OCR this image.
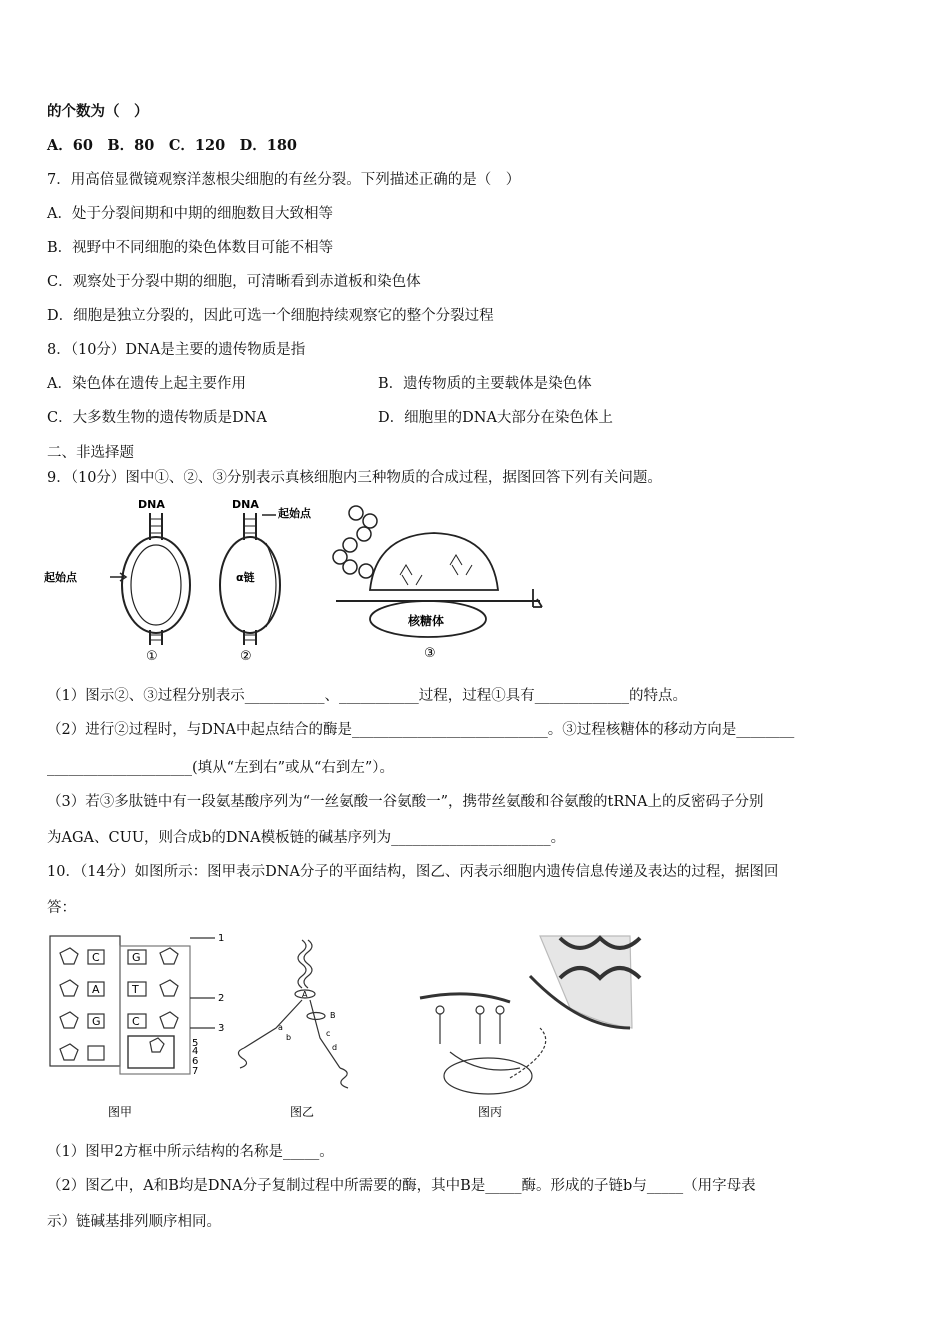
的个数为（　）
A．60　B．80　C．120　D．180
7．用高倍显微镜观察洋葱根尖细胞的有丝分裂。下列描述正确的是（　）
A．处于分裂间期和中期的细胞数目大致相等
B．视野中不同细胞的染色体数目可能不相等
C．观察处于分裂中期的细胞，可清晰看到赤道板和染色体
D．细胞是独立分裂的，因此可选一个细胞持续观察它的整个分裂过程
8．（10分）DNA是主要的遗传物质是指
A．染色体在遗传上起主要作用	B．遗传物质的主要载体是染色体
C．大多数生物的遗传物质是DNA	D．细胞里的DNA大部分在染色体上
二、非选择题
9．（10分）图中①、②、③分别表示真核细胞内三种物质的合成过程，据图回答下列有关问题。
DNA
起始点
①
DNA
起始点
α链
②
核糖体
③
（1）图示②、③过程分别表示___________、___________过程，过程①具有_____________的特点。
（2）进行②过程时，与DNA中起点结合的酶是___________________________。③过程核糖体的移动方向是________
____________________(填从“左到右”或从“右到左”）。
（3）若③多肽链中有一段氨基酸序列为“一丝氨酸一谷氨酸一”，携带丝氨酸和谷氨酸的tRNA上的反密码子分别
为AGA、CUU，则合成b的DNA模板链的碱基序列为______________________。
10．（14分）如图所示：图甲表示DNA分子的平面结构，图乙、丙表示细胞内遗传信息传递及表达的过程，据图回
答：
C
A
G
G
T
C
1
2
3
4
5
6
7
图甲
A
B
a
b	c
d
图乙	图丙
（1）图甲2方框中所示结构的名称是_____。
（2）图乙中，A和B均是DNA分子复制过程中所需要的酶，其中B是_____酶。形成的子链b与_____（用字母表
示）链碱基排列顺序相同。
